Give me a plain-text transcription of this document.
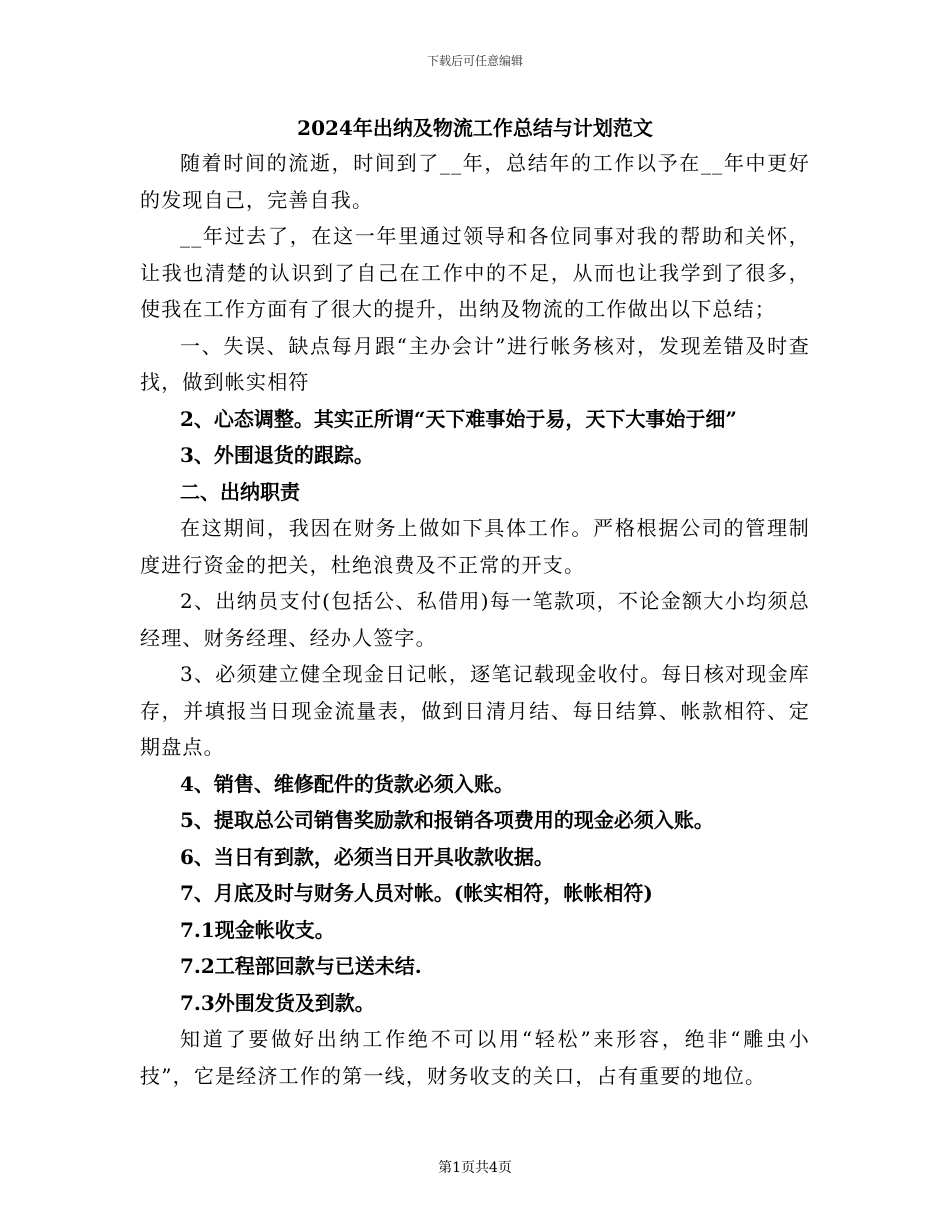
下载后可任意编辑
2024年出纳及物流工作总结与计划范文

随着时间的流逝，时间到了__年，总结年的工作以予在__年中更好的发现自己，完善自我。

__年过去了，在这一年里通过领导和各位同事对我的帮助和关怀，让我也清楚的认识到了自己在工作中的不足，从而也让我学到了很多，使我在工作方面有了很大的提升，出纳及物流的工作做出以下总结；

一、失误、缺点每月跟“主办会计”进行帐务核对，发现差错及时查找，做到帐实相符

2、心态调整。其实正所谓“天下难事始于易，天下大事始于细”

3、外围退货的跟踪。

二、出纳职责

在这期间，我因在财务上做如下具体工作。严格根据公司的管理制度进行资金的把关，杜绝浪费及不正常的开支。

2、出纳员支付(包括公、私借用)每一笔款项，不论金额大小均须总经理、财务经理、经办人签字。

3、必须建立健全现金日记帐，逐笔记载现金收付。每日核对现金库存，并填报当日现金流量表，做到日清月结、每日结算、帐款相符、定期盘点。

4、销售、维修配件的货款必须入账。

5、提取总公司销售奖励款和报销各项费用的现金必须入账。

6、当日有到款，必须当日开具收款收据。

7、月底及时与财务人员对帐。(帐实相符，帐帐相符)

7.1现金帐收支。

7.2工程部回款与已送未结.

7.3外围发货及到款。

知道了要做好出纳工作绝不可以用“轻松”来形容，绝非“雕虫小技”，它是经济工作的第一线，财务收支的关口，占有重要的地位。

第1页共4页
